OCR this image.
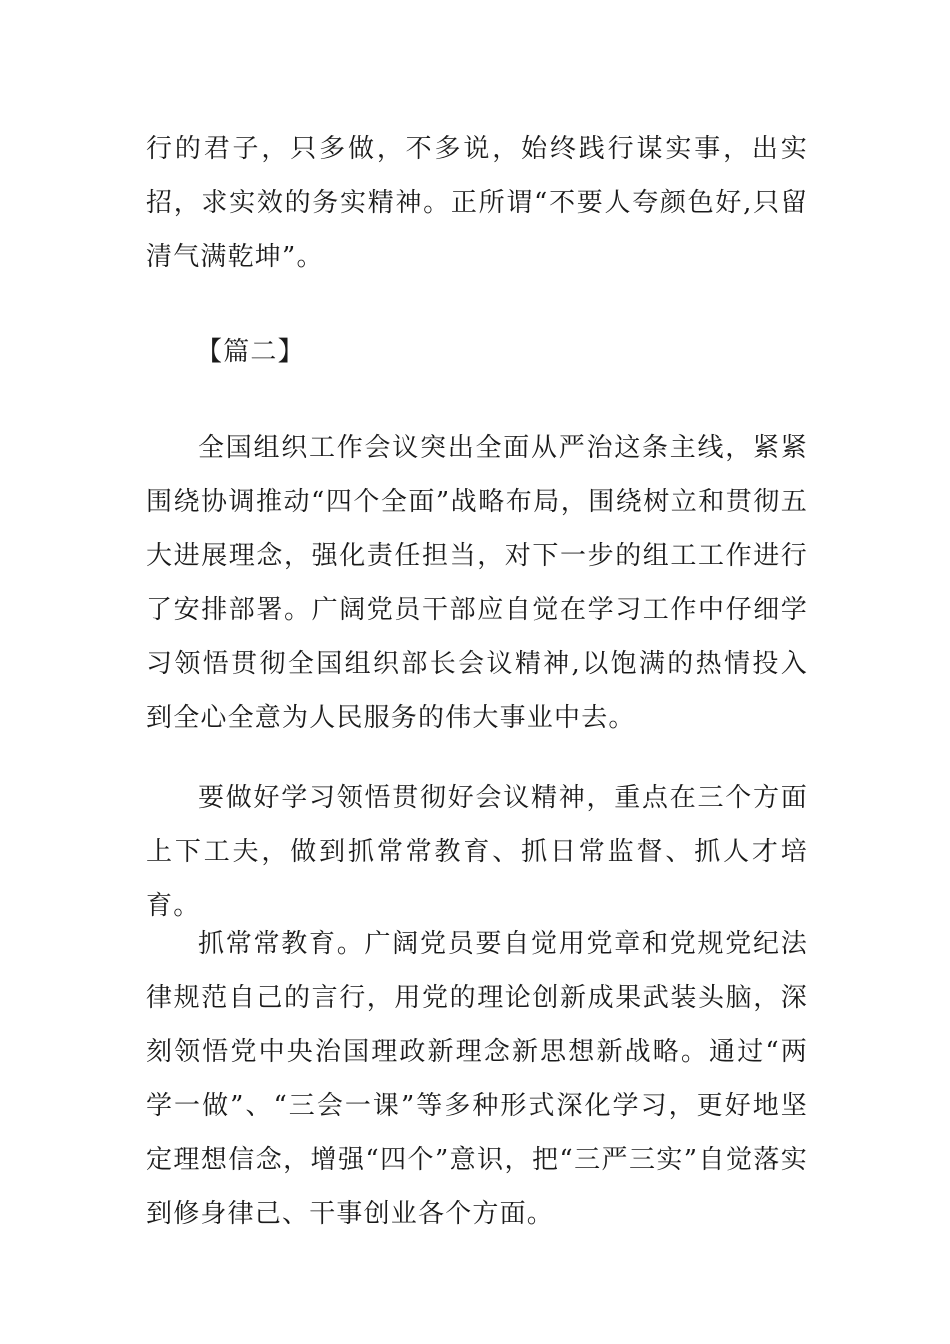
行的君子，只多做，不多说，始终践行谋实事，出实招，求实效的务实精神。正所谓“不要人夸颜色好,只留清气满乾坤”。

【篇二】

全国组织工作会议突出全面从严治这条主线，紧紧围绕协调推动“四个全面”战略布局，围绕树立和贯彻五大进展理念，强化责任担当，对下一步的组工工作进行了安排部署。广阔党员干部应自觉在学习工作中仔细学习领悟贯彻全国组织部长会议精神,以饱满的热情投入到全心全意为人民服务的伟大事业中去。

要做好学习领悟贯彻好会议精神，重点在三个方面上下工夫，做到抓常常教育、抓日常监督、抓人才培育。

抓常常教育。广阔党员要自觉用党章和党规党纪法律规范自己的言行，用党的理论创新成果武装头脑，深刻领悟党中央治国理政新理念新思想新战略。通过“两学一做”、“三会一课”等多种形式深化学习，更好地坚定理想信念，增强“四个”意识，把“三严三实”自觉落实到修身律己、干事创业各个方面。
